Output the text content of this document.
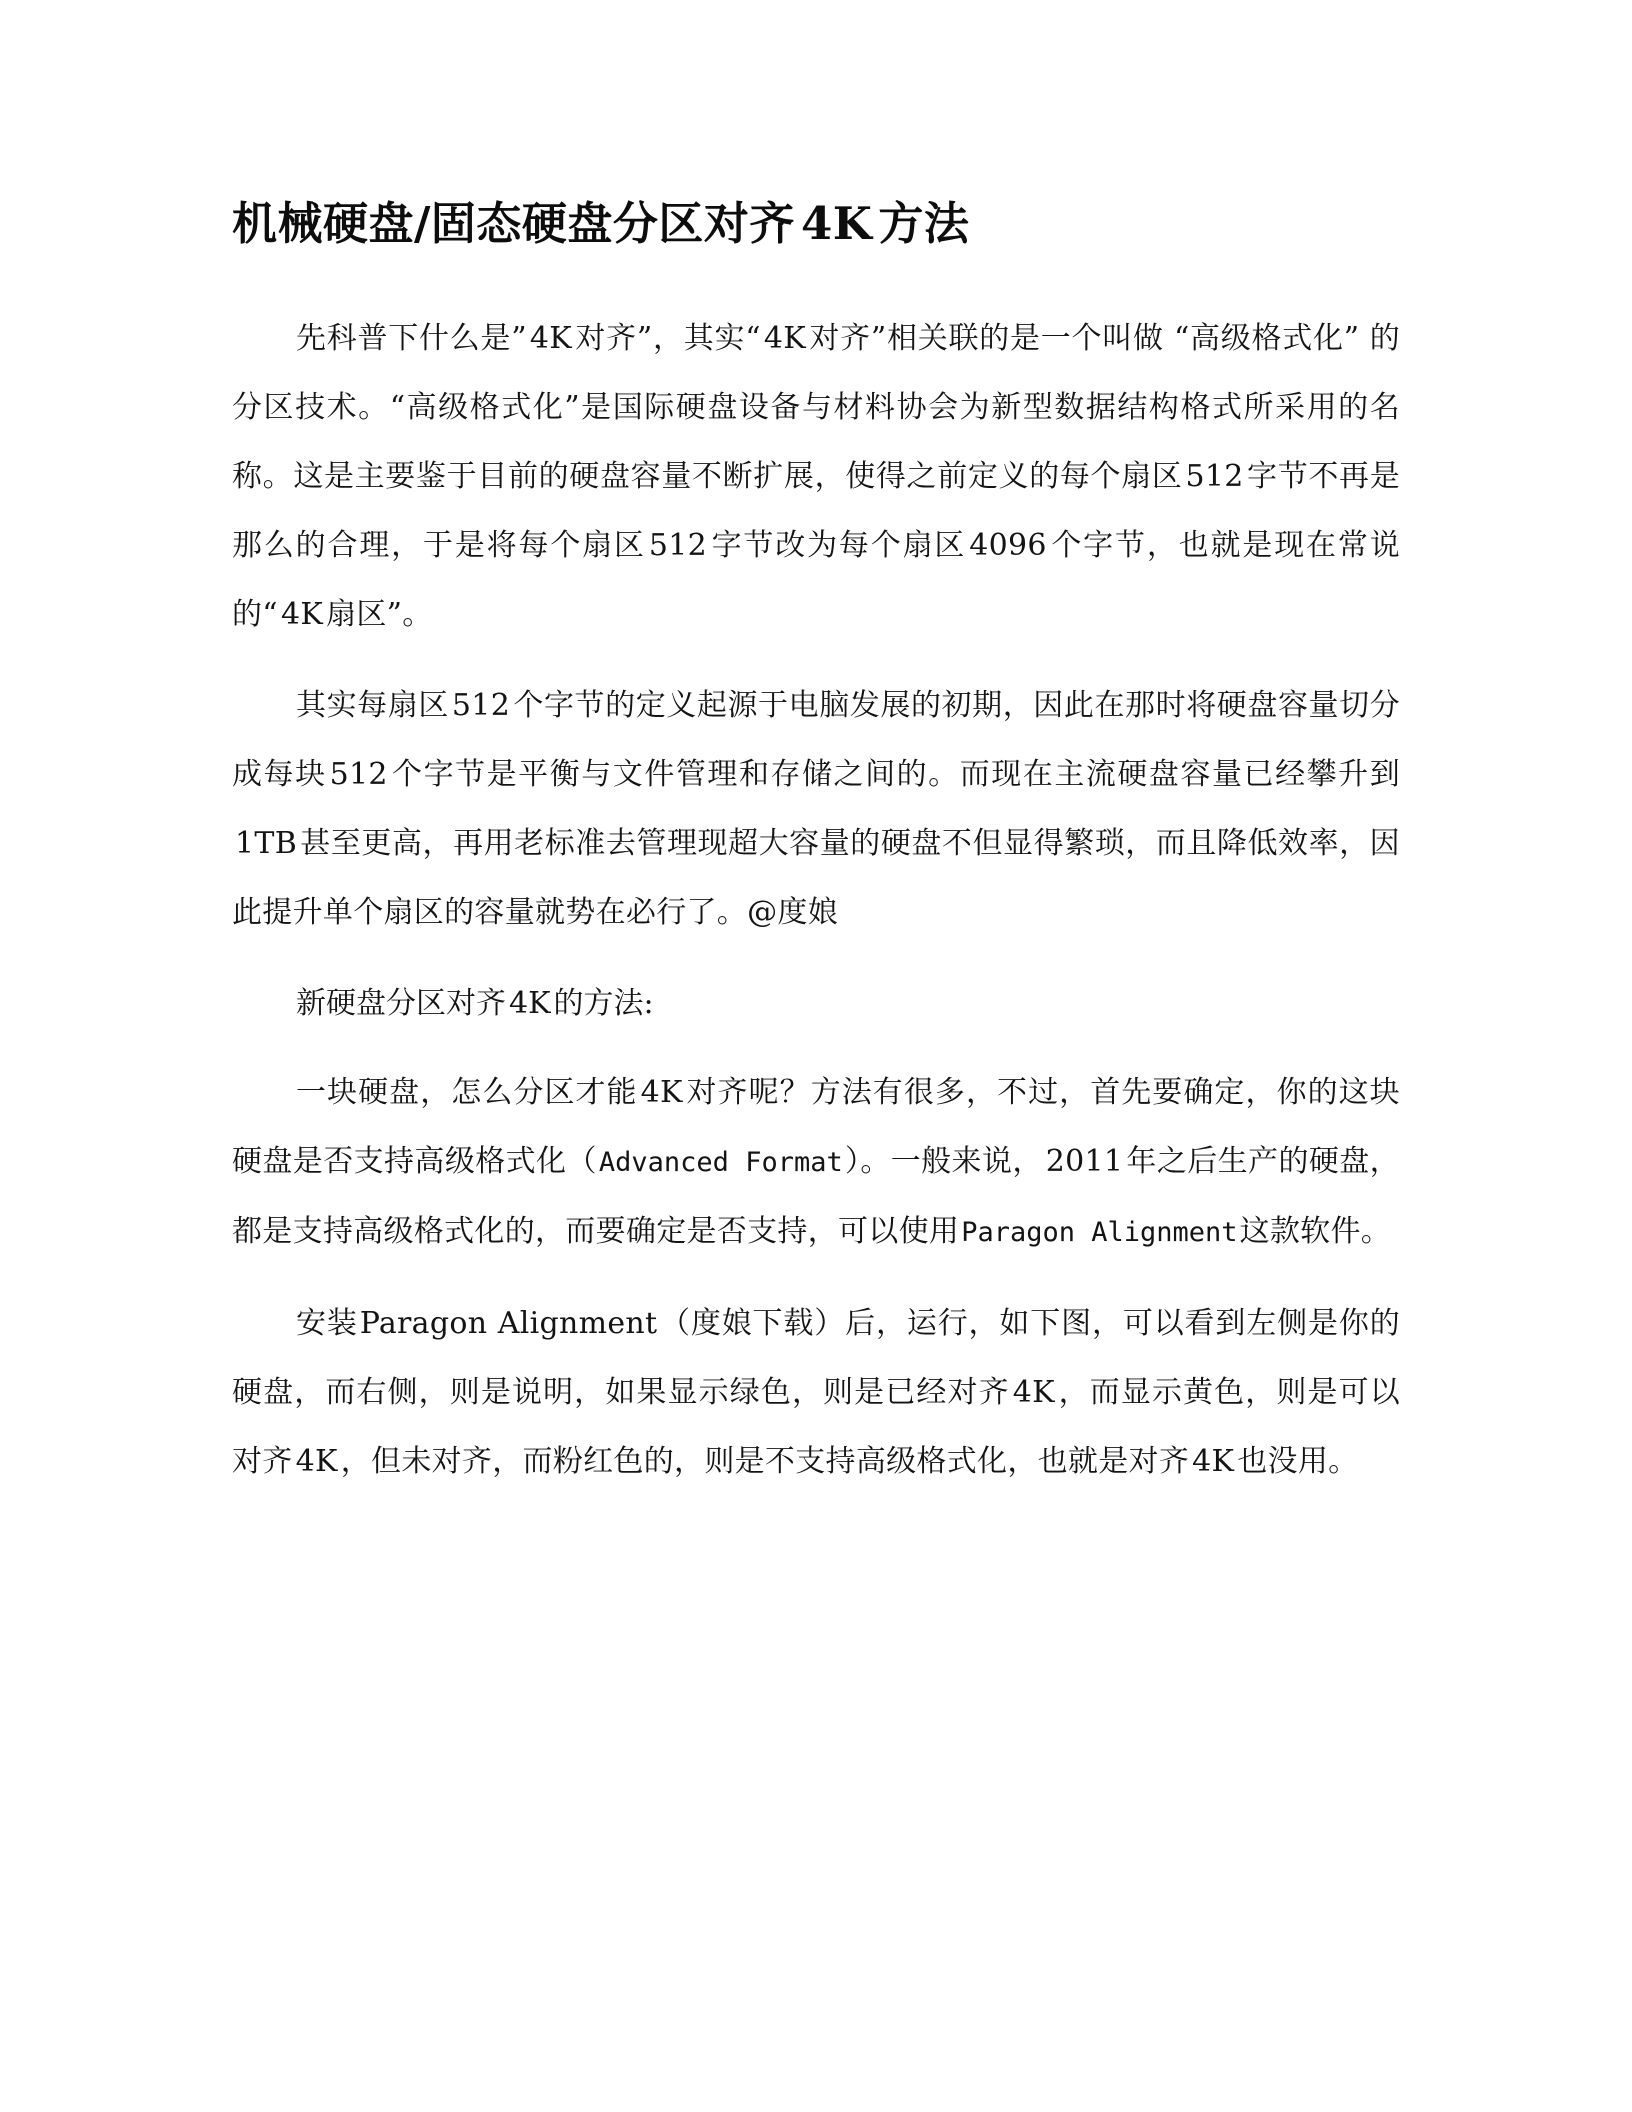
机械硬盘/固态硬盘分区对齐 4K 方法

先科普下什么是” 4K 对齐”，其实“ 4K 对齐”相关联的是一个叫做 “高级格式化” 的分区技术。“高级格式化”是国际硬盘设备与材料协会为新型数据结构格式所采用的名称。这是主要鉴于目前的硬盘容量不断扩展，使得之前定义的每个扇区 512 字节不再是那么的合理，于是将每个扇区 512 字节改为每个扇区 4096 个字节，也就是现在常说的“ 4K 扇区”。

其实每扇区 512 个字节的定义起源于电脑发展的初期，因此在那时将硬盘容量切分成每块 512 个字节是平衡与文件管理和存储之间的。而现在主流硬盘容量已经攀升到1TB 甚至更高，再用老标准去管理现超大容量的硬盘不但显得繁琐，而且降低效率，因此提升单个扇区的容量就势在必行了。@度娘

新硬盘分区对齐 4K 的方法:

一块硬盘，怎么分区才能 4K 对齐呢？方法有很多，不过，首先要确定，你的这块硬盘是否支持高级格式化（Advanced Format）。一般来说， 2011 年之后生产的硬盘，都是支持高级格式化的，而要确定是否支持，可以使用Paragon Alignment这款软件。

安装Paragon Alignment（度娘下载）后，运行，如下图，可以看到左侧是你的硬盘，而右侧，则是说明，如果显示绿色，则是已经对齐 4K ，而显示黄色，则是可以对齐 4K ，但未对齐，而粉红色的，则是不支持高级格式化，也就是对齐 4K 也没用。
